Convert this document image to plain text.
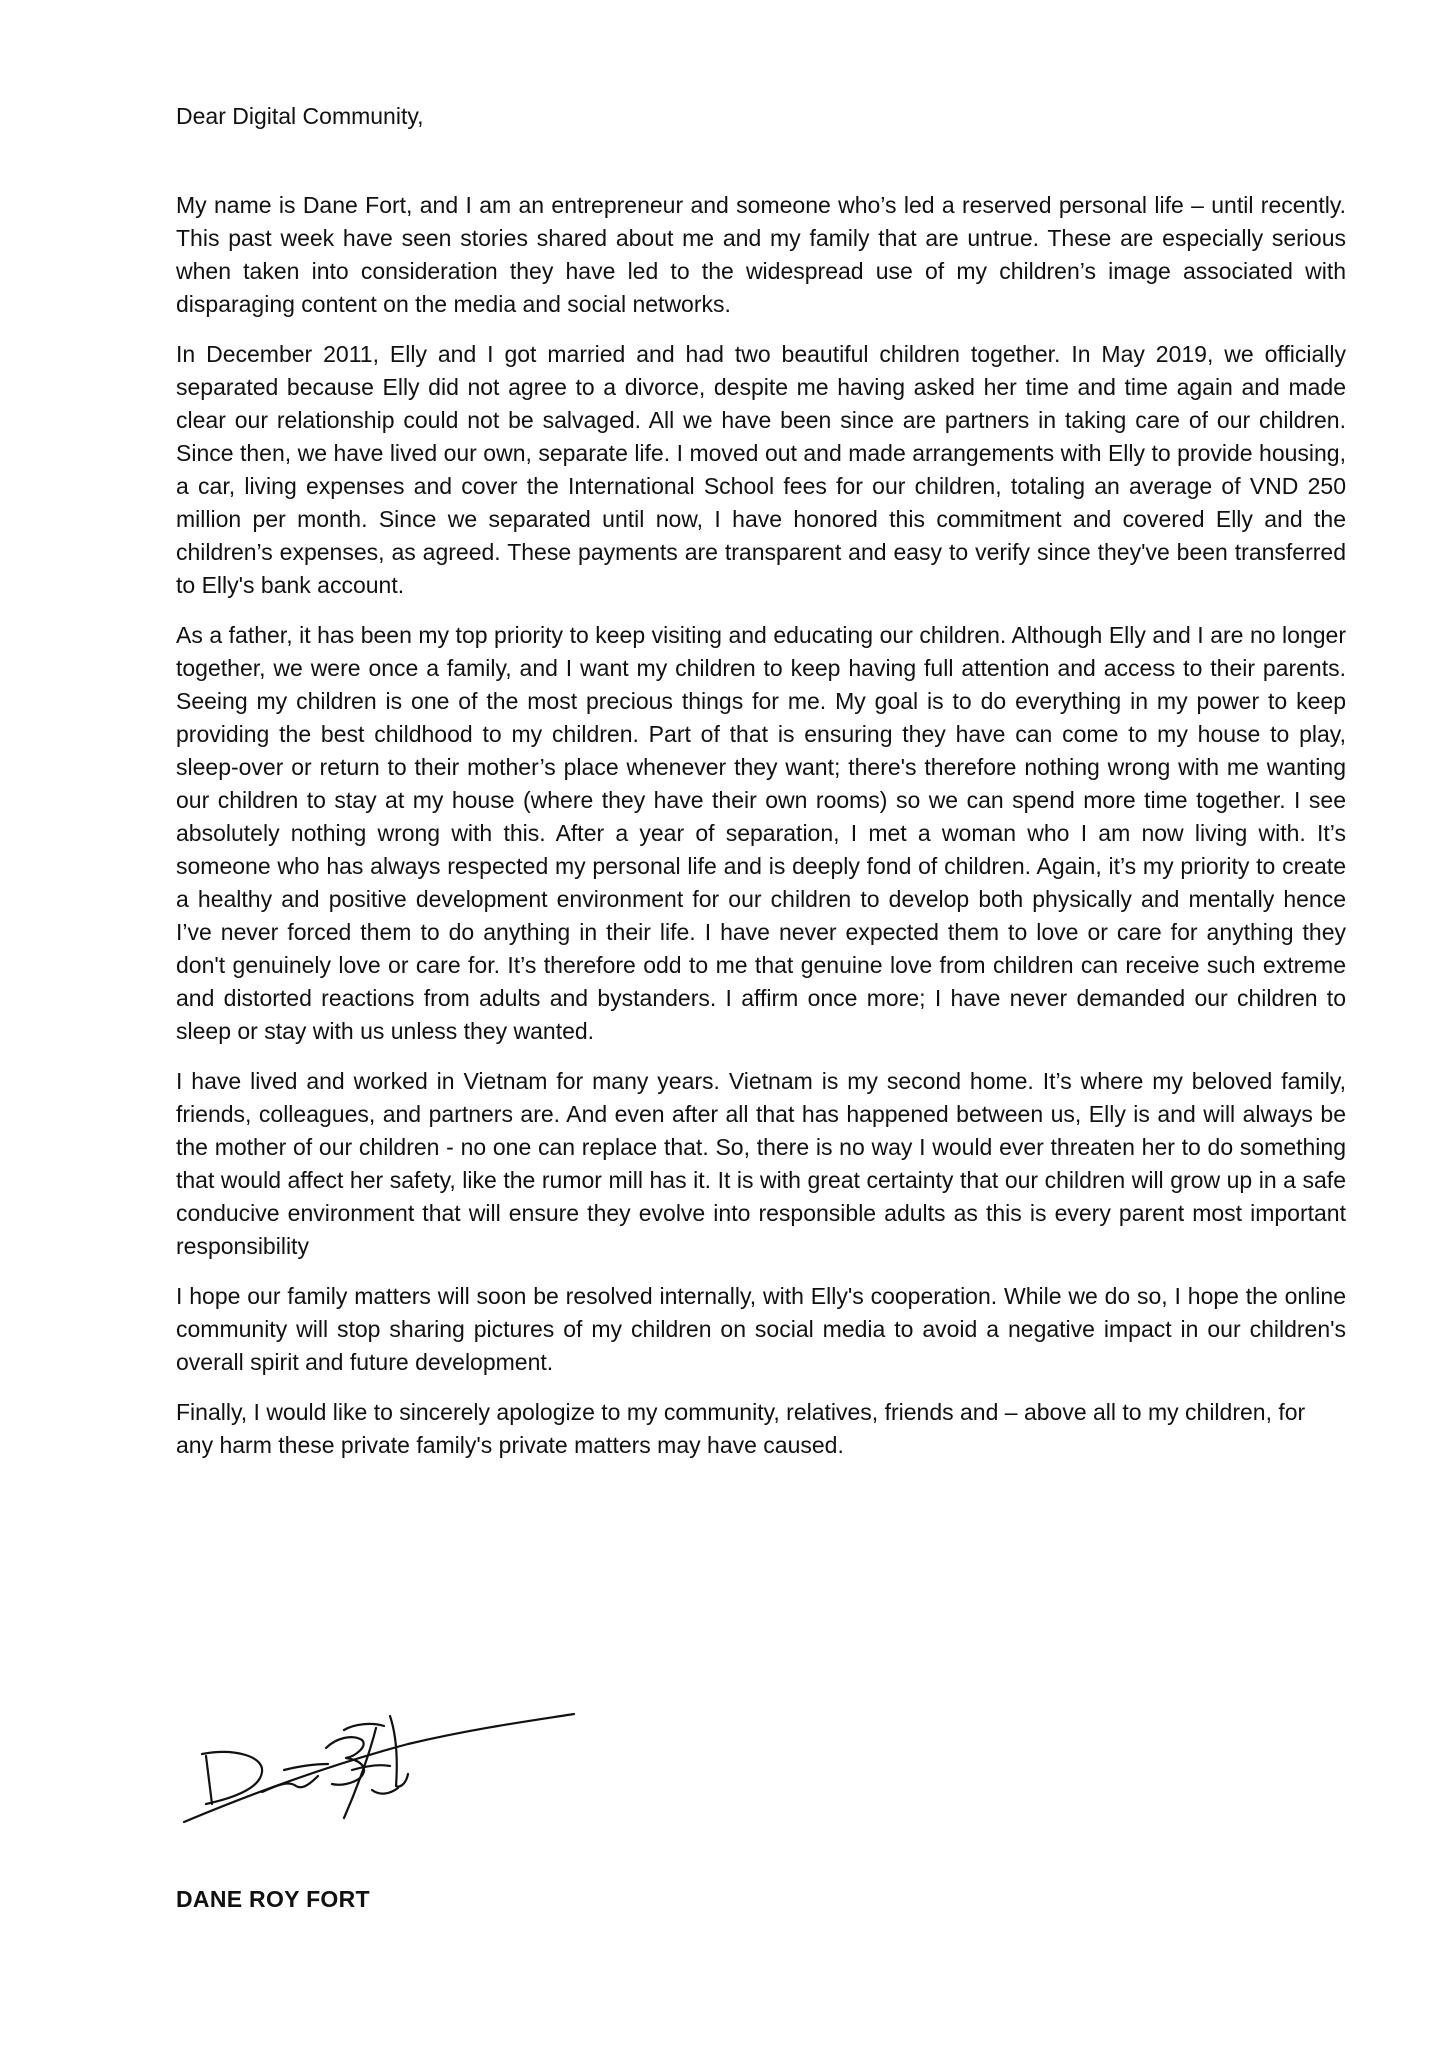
Dear Digital Community,

My name is Dane Fort, and I am an entrepreneur and someone who’s led a reserved personal life – until recently. This past week have seen stories shared about me and my family that are untrue. These are especially serious when taken into consideration they have led to the widespread use of my children’s image associated with disparaging content on the media and social networks.

In December 2011, Elly and I got married and had two beautiful children together. In May 2019, we officially separated because Elly did not agree to a divorce, despite me having asked her time and time again and made clear our relationship could not be salvaged. All we have been since are partners in taking care of our children. Since then, we have lived our own, separate life. I moved out and made arrangements with Elly to provide housing, a car, living expenses and cover the International School fees for our children, totaling an average of VND 250 million per month. Since we separated until now, I have honored this commitment and covered Elly and the children’s expenses, as agreed. These payments are transparent and easy to verify since they've been transferred to Elly's bank account.

As a father, it has been my top priority to keep visiting and educating our children. Although Elly and I are no longer together, we were once a family, and I want my children to keep having full attention and access to their parents. Seeing my children is one of the most precious things for me. My goal is to do everything in my power to keep providing the best childhood to my children. Part of that is ensuring they have can come to my house to play, sleep-over or return to their mother’s place whenever they want; there's therefore nothing wrong with me wanting our children to stay at my house (where they have their own rooms) so we can spend more time together. I see absolutely nothing wrong with this. After a year of separation, I met a woman who I am now living with. It’s someone who has always respected my personal life and is deeply fond of children. Again, it’s my priority to create a healthy and positive development environment for our children to develop both physically and mentally hence I’ve never forced them to do anything in their life. I have never expected them to love or care for anything they don't genuinely love or care for. It’s therefore odd to me that genuine love from children can receive such extreme and distorted reactions from adults and bystanders. I affirm once more; I have never demanded our children to sleep or stay with us unless they wanted.

I have lived and worked in Vietnam for many years. Vietnam is my second home. It’s where my beloved family, friends, colleagues, and partners are. And even after all that has happened between us, Elly is and will always be the mother of our children - no one can replace that. So, there is no way I would ever threaten her to do something that would affect her safety, like the rumor mill has it. It is with great certainty that our children will grow up in a safe conducive environment that will ensure they evolve into responsible adults as this is every parent most important responsibility

I hope our family matters will soon be resolved internally, with Elly's cooperation. While we do so, I hope the online community will stop sharing pictures of my children on social media to avoid a negative impact in our children's overall spirit and future development.

Finally, I would like to sincerely apologize to my community, relatives, friends and – above all to my children, for any harm these private family's private matters may have caused.

DANE ROY FORT
